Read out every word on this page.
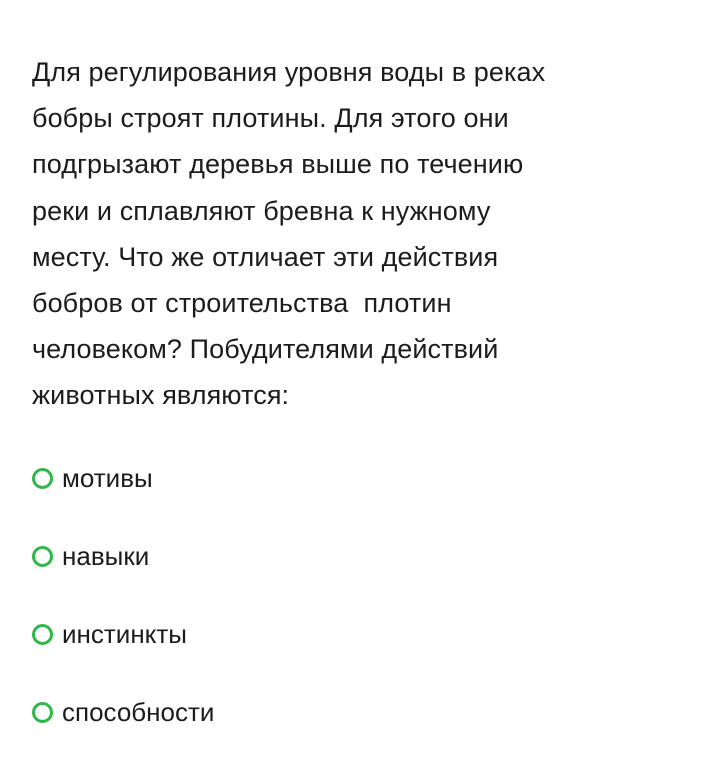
Для регулирования уровня воды в реках
бобры строят плотины. Для этого они
подгрызают деревья выше по течению
реки и сплавляют бревна к нужному
месту. Что же отличает эти действия
бобров от строительства  плотин
человеком? Побудителями действий
животных являются:
мотивы
навыки
инстинкты
способности
